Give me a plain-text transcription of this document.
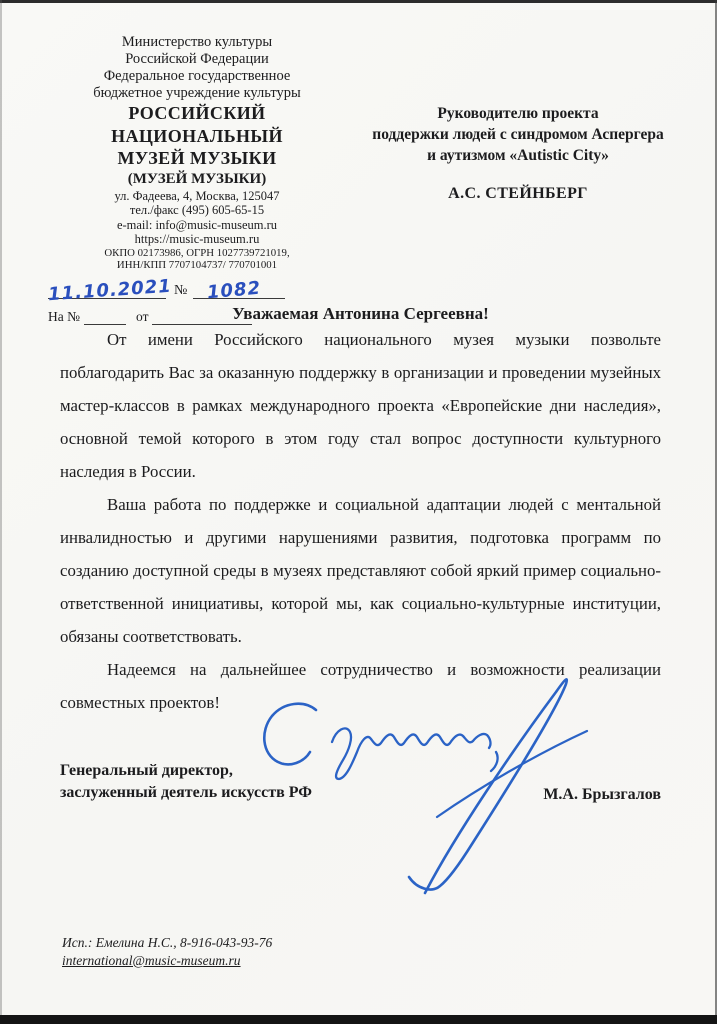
Министерство культуры
Российской Федерации
Федеральное государственное
бюджетное учреждение культуры
РОССИЙСКИЙ
НАЦИОНАЛЬНЫЙ
МУЗЕЙ МУЗЫКИ
(МУЗЕЙ МУЗЫКИ)
ул. Фадеева, 4, Москва, 125047
тел./факс (495) 605-65-15
e-mail: info@music-museum.ru
https://music-museum.ru
ОКПО 02173986, ОГРН 1027739721019,
ИНН/КПП 7707104737/ 770701001
11.10.2021 № 1082
На №	от
Руководителю проекта
поддержки людей с синдромом Аспергера
и аутизмом «Autistic City»
А.С. СТЕЙНБЕРГ
Уважаемая Антонина Сергеевна!

От имени Российского национального музея музыки позвольте поблагодарить Вас за оказанную поддержку в организации и проведении музейных мастер-классов в рамках международного проекта «Европейские дни наследия», основной темой которого в этом году стал вопрос доступности культурного наследия в России.

Ваша работа по поддержке и социальной адаптации людей с ментальной инвалидностью и другими нарушениями развития, подготовка программ по созданию доступной среды в музеях представляют собой яркий пример социально-ответственной инициативы, которой мы, как социально-культурные институции, обязаны соответствовать.

Надеемся на дальнейшее сотрудничество и возможности реализации совместных проектов!

Генеральный директор,
заслуженный деятель искусств РФ	М.А. Брызгалов
Исп.: Емелина Н.С., 8-916-043-93-76
international@music-museum.ru
